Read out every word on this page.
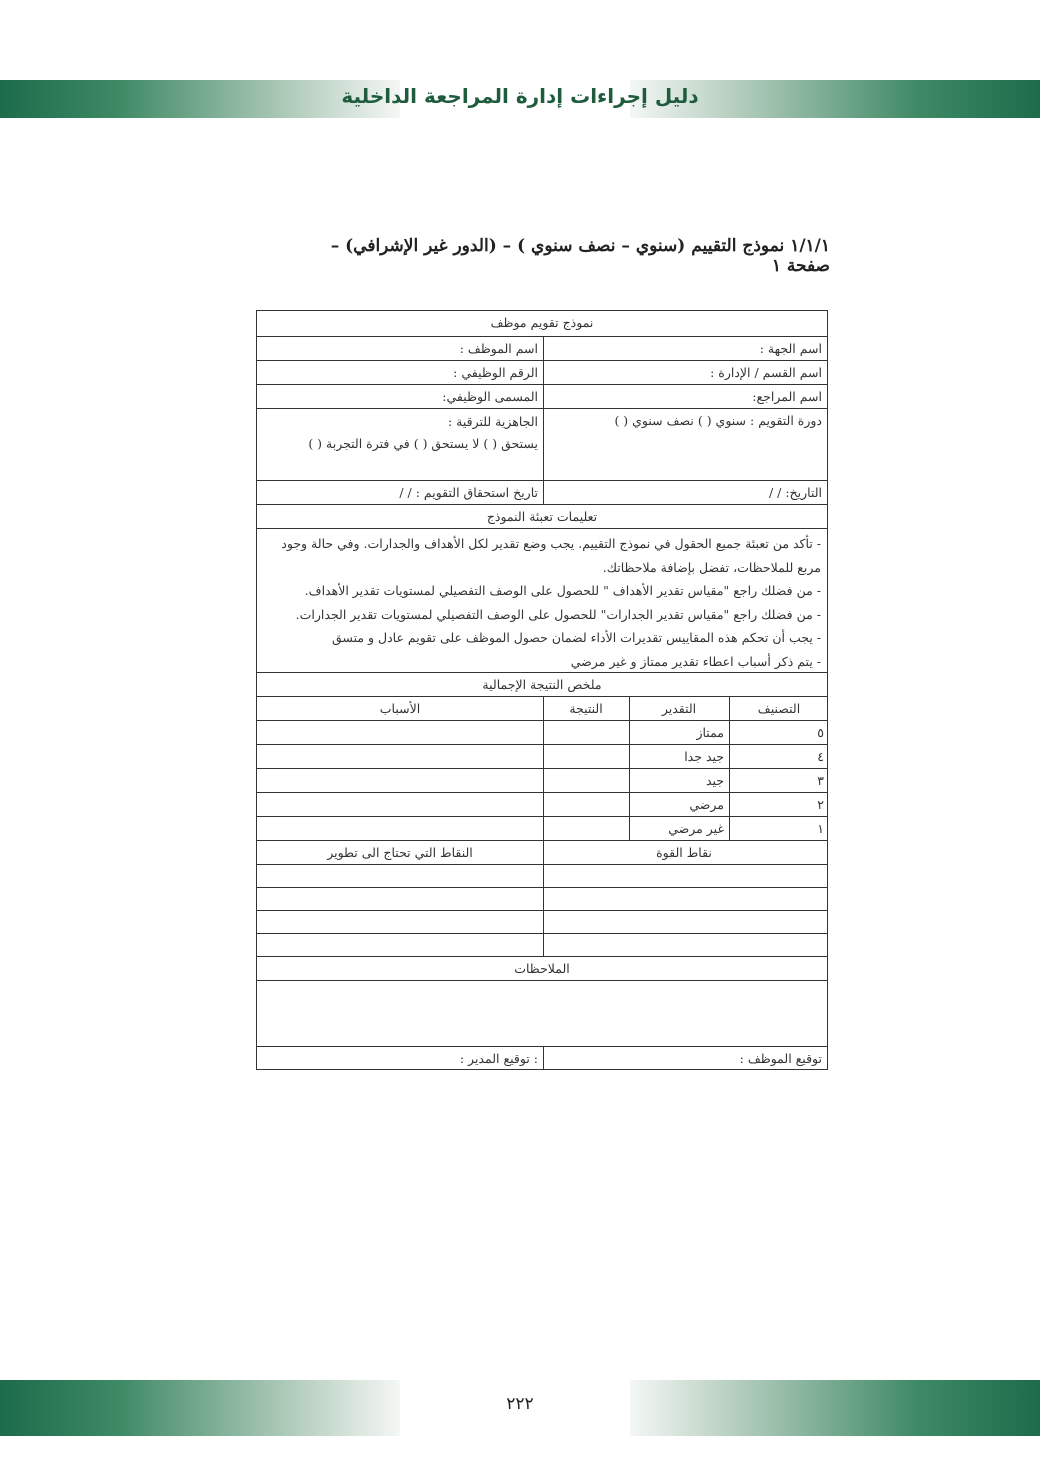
دليل إجراءات إدارة المراجعة الداخلية
١/١/١ نموذج التقييم (سنوي – نصف سنوي ) – (الدور غير الإشرافي) – صفحة ١
نموذج تقويم موظف
اسم الجهة :
اسم الموظف :
اسم القسم / الإدارة :
الرقم الوظيفي :
اسم المراجع:
المسمى الوظيفي:
دورة التقويم : سنوي ( ) نصف سنوي ( )
الجاهزية للترقية :
يستحق ( ) لا يستحق ( ) في فترة التجربة ( )
التاريخ: / /
تاريخ استحقاق التقويم : / /
تعليمات تعبئة النموذج
- تأكد من تعبئة جميع الحقول في نموذج التقييم. يجب وضع تقدير لكل الأهداف والجدارات. وفي حالة وجود
مربع للملاحظات، تفضل بإضافة ملاحظاتك.
- من فضلك راجع "مقياس تقدير الأهداف " للحصول على الوصف التفصيلي لمستويات تقدير الأهداف.
- من فضلك راجع "مقياس تقدير الجدارات" للحصول على الوصف التفصيلي لمستويات تقدير الجدارات.
- يجب أن تحكم هذه المقاييس تقديرات الأداء لضمان حصول الموظف على تقويم عادل و متسق
- يتم ذكر أسباب اعطاء تقدير ممتاز و غير مرضي
ملخص النتيجة الإجمالية
التصنيف
التقدير
النتيجة
الأسباب
٥
ممتاز
٤
جيد جدا
٣
جيد
٢
مرضي
١
غير مرضي
نقاط القوة
النقاط التي تحتاج الى تطوير
الملاحظات
توقيع الموظف :
: توقيع المدير :
٢٢٢
